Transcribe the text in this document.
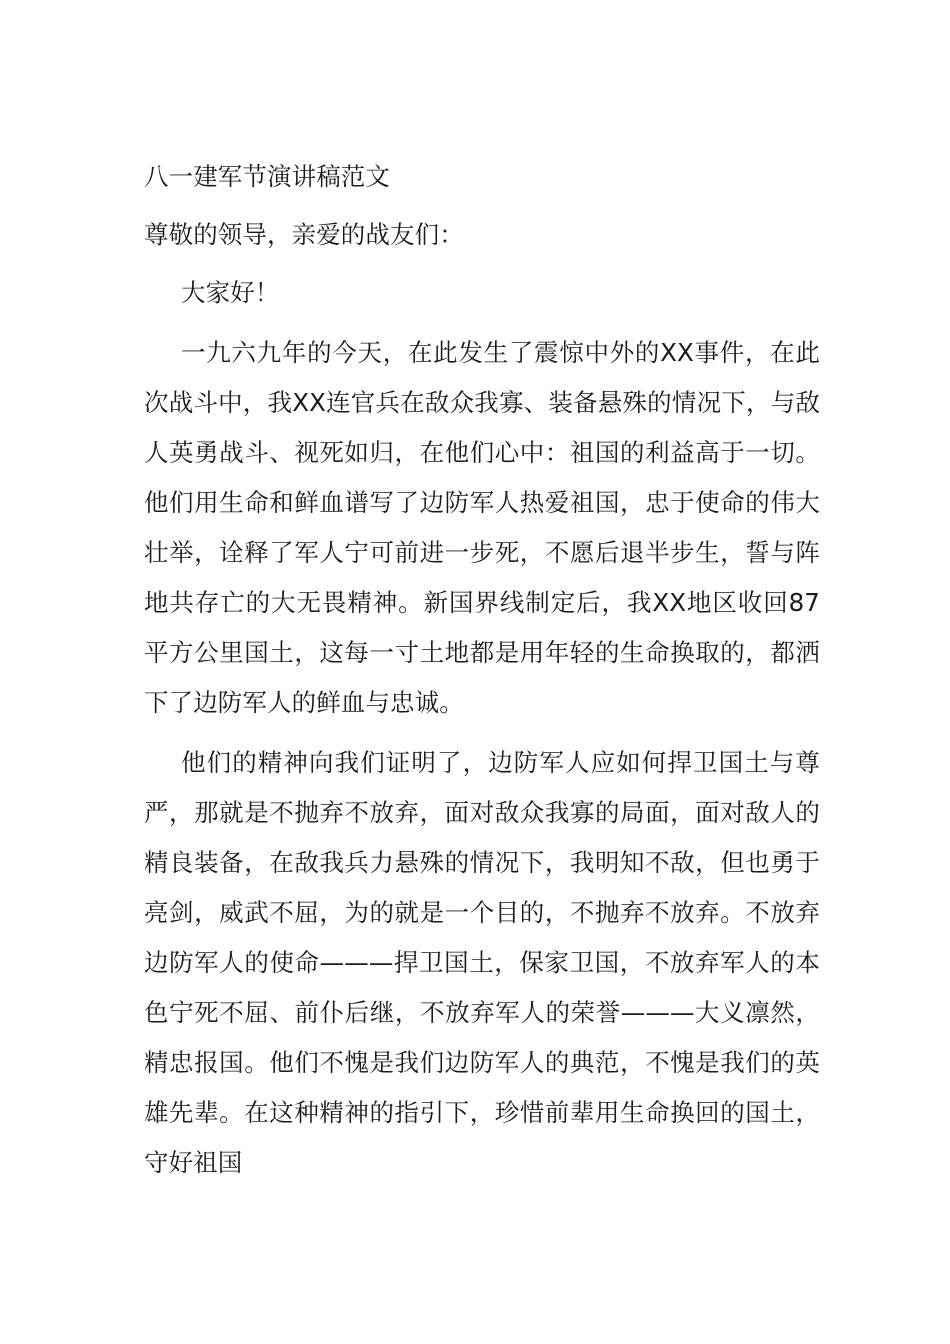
八一建军节演讲稿范文

尊敬的领导，亲爱的战友们：

大家好！

一九六九年的今天，在此发生了震惊中外的XX事件，在此次战斗中，我XX连官兵在敌众我寡、装备悬殊的情况下，与敌人英勇战斗、视死如归，在他们心中：祖国的利益高于一切。他们用生命和鲜血谱写了边防军人热爱祖国，忠于使命的伟大壮举，诠释了军人宁可前进一步死，不愿后退半步生，誓与阵地共存亡的大无畏精神。新国界线制定后，我XX地区收回87平方公里国土，这每一寸土地都是用年轻的生命换取的，都洒下了边防军人的鲜血与忠诚。

他们的精神向我们证明了，边防军人应如何捍卫国土与尊严，那就是不抛弃不放弃，面对敌众我寡的局面，面对敌人的精良装备，在敌我兵力悬殊的情况下，我明知不敌，但也勇于亮剑，威武不屈，为的就是一个目的，不抛弃不放弃。不放弃边防军人的使命———捍卫国土，保家卫国，不放弃军人的本色宁死不屈、前仆后继，不放弃军人的荣誉———大义凛然，精忠报国。他们不愧是我们边防军人的典范，不愧是我们的英雄先辈。在这种精神的指引下，珍惜前辈用生命换回的国土，守好祖国
